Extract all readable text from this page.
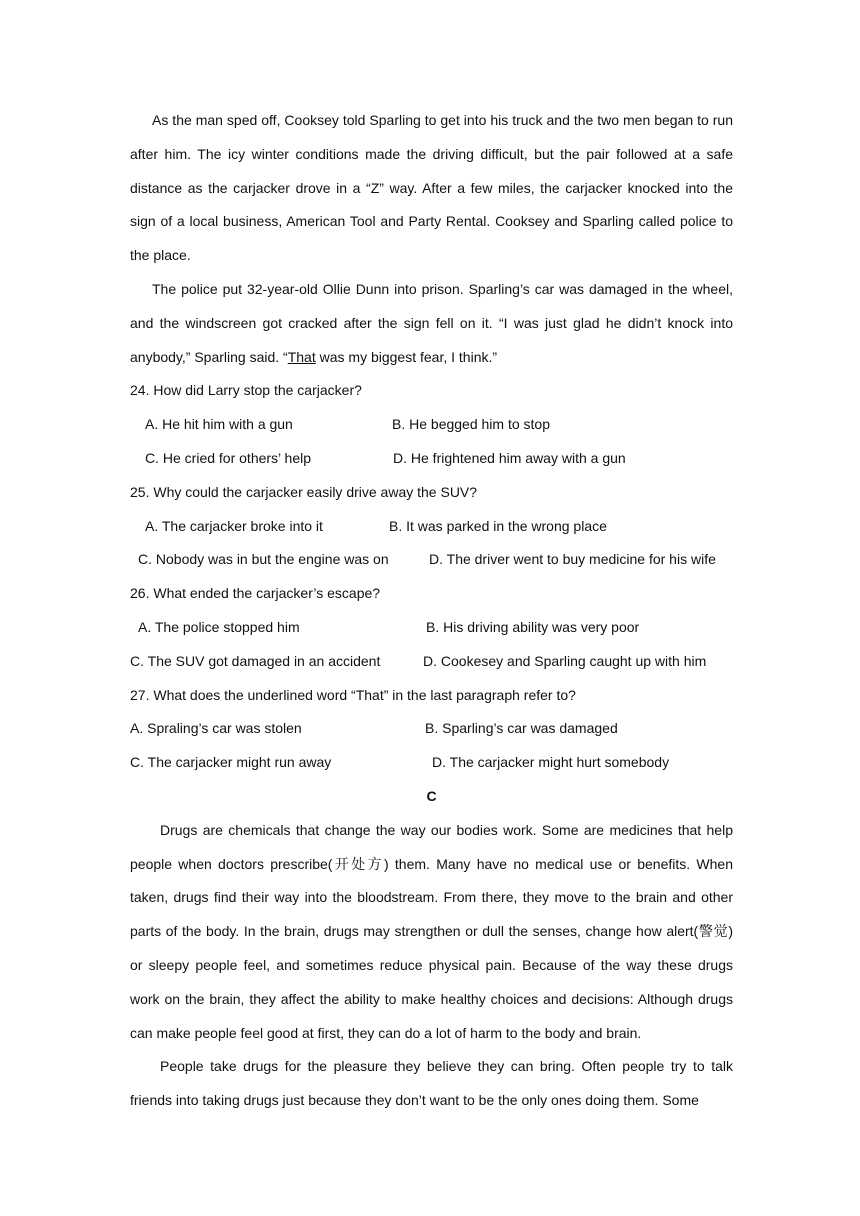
As the man sped off, Cooksey told Sparling to get into his truck and the two men began to run after him. The icy winter conditions made the driving difficult, but the pair followed at a safe distance as the carjacker drove in a “Z” way. After a few miles, the carjacker knocked into the sign of a local business, American Tool and Party Rental. Cooksey and Sparling called police to the place.

The police put 32-year-old Ollie Dunn into prison. Sparling’s car was damaged in the wheel, and the windscreen got cracked after the sign fell on it. “I was just glad he didn’t knock into anybody,” Sparling said. “That was my biggest fear, I think.”

24. How did Larry stop the carjacker?
A. He hit him with a gun	B. He begged him to stop
C. He cried for others’ help	D. He frightened him away with a gun
25. Why could the carjacker easily drive away the SUV?
A. The carjacker broke into it	B. It was parked in the wrong place
C. Nobody was in but the engine was on	D. The driver went to buy medicine for his wife
26. What ended the carjacker’s escape?
A. The police stopped him	B. His driving ability was very poor
C. The SUV got damaged in an accident	D. Cookesey and Sparling caught up with him
27. What does the underlined word “That” in the last paragraph refer to?
A. Spraling’s car was stolen	B. Sparling’s car was damaged
C. The carjacker might run away	D. The carjacker might hurt somebody
C

Drugs are chemicals that change the way our bodies work. Some are medicines that help people when doctors prescribe(开处方) them. Many have no medical use or benefits. When taken, drugs find their way into the bloodstream. From there, they move to the brain and other parts of the body. In the brain, drugs may strengthen or dull the senses, change how alert(警觉) or sleepy people feel, and sometimes reduce physical pain. Because of the way these drugs work on the brain, they affect the ability to make healthy choices and decisions: Although drugs can make people feel good at first, they can do a lot of harm to the body and brain.

People take drugs for the pleasure they believe they can bring. Often people try to talk friends into taking drugs just because they don’t want to be the only ones doing them. Some
